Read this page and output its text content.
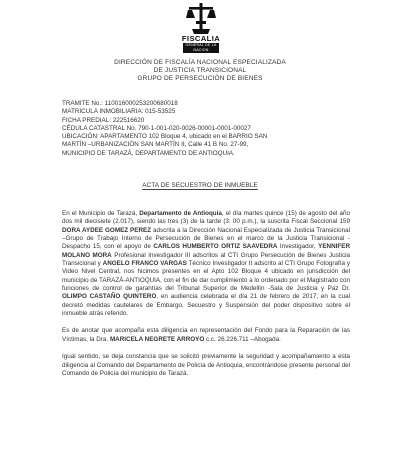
FISCALIA
GENERAL DE LA NACION
DIRECCIÓN DE FISCALÍA NACIONAL ESPECIALIZADA
DE JUSTICIA TRANSICIONAL
GRUPO DE PERSECUCIÓN DE BIENES
TRAMITE No.: 110016000253200680018
MATRICULA INMOBILIARIA: 015-53525
FICHA PREDIAL: 222516620
CÉDULA CATASTRAL No. 790-1-001-020-0026-00001-0001-00027
UBICACIÓN: APARTAMENTO 102 Bloque 4, ubicado en el BARRIO SAN
MARTÍN –URBANIZACIÓN SAN MARTÍN II, Calle 41 B No. 27-99,
MUNICIPIO DE TARAZÁ, DEPARTAMENTO DE ANTIOQUIA.
ACTA DE SECUESTRO DE INMUEBLE

En el Municipio de Tarazá, Departamento de Antioquia, el día martes quince (15) de agosto del año dos mil diecisiete (2.017), siendo las tres (3) de la tarde (3: 00 p.m.), la suscrita Fiscal Seccional 159 DORA AYDEE GOMEZ PEREZ adscrita a la Dirección Nacional Especializada de Justicia Transicional –Grupo de Trabajo Interno de Persecución de Bienes en el marco de la Justicia Transicional -Despacho 15, con el apoyo de CARLOS HUMBERTO ORTIZ SAAVEDRA Investigador, YENNIFER MOLANO MORA Profesional Investigador III adscritos al CTI Grupo Persecución de Bienes Justicia Transicional y ANGELO FRANCO VARGAS Técnico Investigador II adscrito al CTI Grupo Fotografía y Video Nivel Central, nos hicimos presentes en el Apto 102 Bloque 4 ubicado en jurisdicción del municipio de TARAZÁ-ANTIOQUIA, con el fin de dar cumplimiento a lo ordenado por el Magistrado con funciones de control de garantías del Tribunal Superior de Medellín -Sala de Justicia y Paz Dr. OLIMPO CASTAÑO QUINTERO, en audiencia celebrada el día 21 de febrero de 2017, en la cual decretó medidas cautelares de Embargo, Secuestro y Suspensión del poder dispositivo sobre el inmueble atrás referido.

Es de anotar que acompaña esta diligencia en representación del Fondo para la Reparación de las Víctimas, la Dra. MARICELA NEGRETE ARROYO c.c. 26.226.711 –Abogada.

Igual sentido, se deja constancia que se solicitó previamente la seguridad y acompañamiento a esta diligencia al Comando del Departamento de Policía de Antioquia, encontrándose presente personal del Comando de Policía del municipio de Tarazá.
